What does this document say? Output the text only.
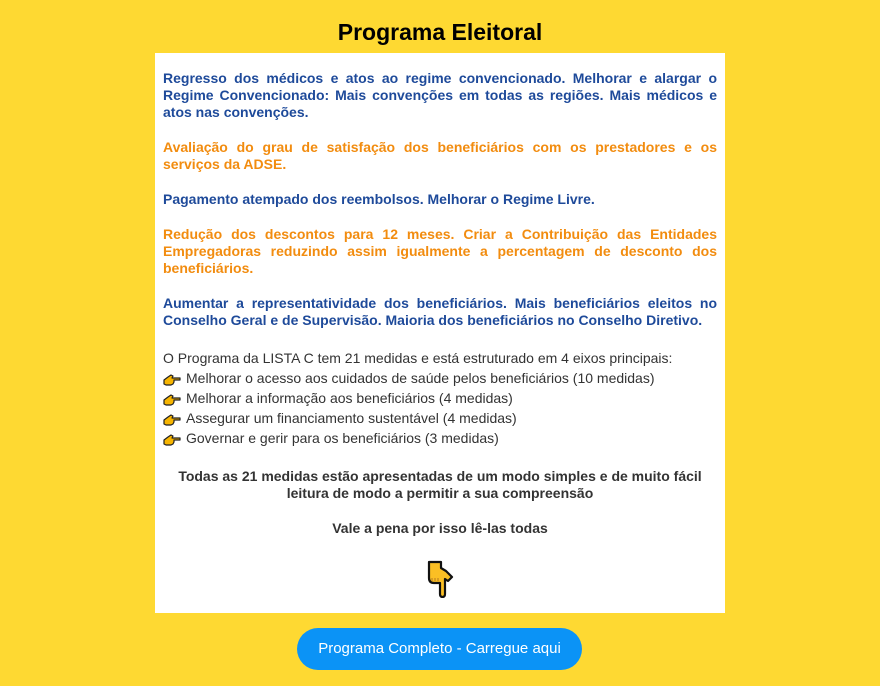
Programa Eleitoral

Regresso dos médicos e atos ao regime convencionado. Melhorar e alargar o Regime Convencionado: Mais convenções em todas as regiões. Mais médicos e atos nas convenções.

Avaliação do grau de satisfação dos beneficiários com os prestadores e os serviços da ADSE.

Pagamento atempado dos reembolsos. Melhorar o Regime Livre.

Redução dos descontos para 12 meses. Criar a Contribuição das Entidades Empregadoras reduzindo assim igualmente a percentagem de desconto dos beneficiários.

Aumentar a representatividade dos beneficiários. Mais beneficiários eleitos no Conselho Geral e de Supervisão. Maioria dos beneficiários no Conselho Diretivo.

O Programa da LISTA C tem 21 medidas e está estruturado em 4 eixos principais:
Melhorar o acesso aos cuidados de saúde pelos beneficiários (10 medidas)
Melhorar a informação aos beneficiários (4 medidas)
Assegurar um financiamento sustentável (4 medidas)
Governar e gerir para os beneficiários (3 medidas)
Todas as 21 medidas estão apresentadas de um modo simples e de muito fácil leitura de modo a permitir a sua compreensão
Vale a pena por isso lê-las todas
Programa Completo - Carregue aqui
